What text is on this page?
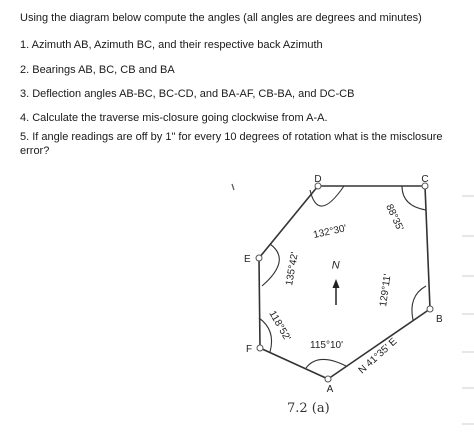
Using the diagram below compute the angles (all angles are degrees and minutes)
1. Azimuth AB, Azimuth BC, and their respective back Azimuth
2. Bearings AB, BC, CB and BA
3. Deflection angles AB-BC, BC-CD, and BA-AF, CB-BA, and DC-CB
4. Calculate the traverse mis-closure going clockwise from A-A.
5. If angle readings are off by 1" for every 10 degrees of rotation what is the misclosure error?
N
D	C
B
A
F
E
132°30'	88°35'
135°42'
118°52'
115°10'
129°11'
N 41°35' E
7.2 (a)
